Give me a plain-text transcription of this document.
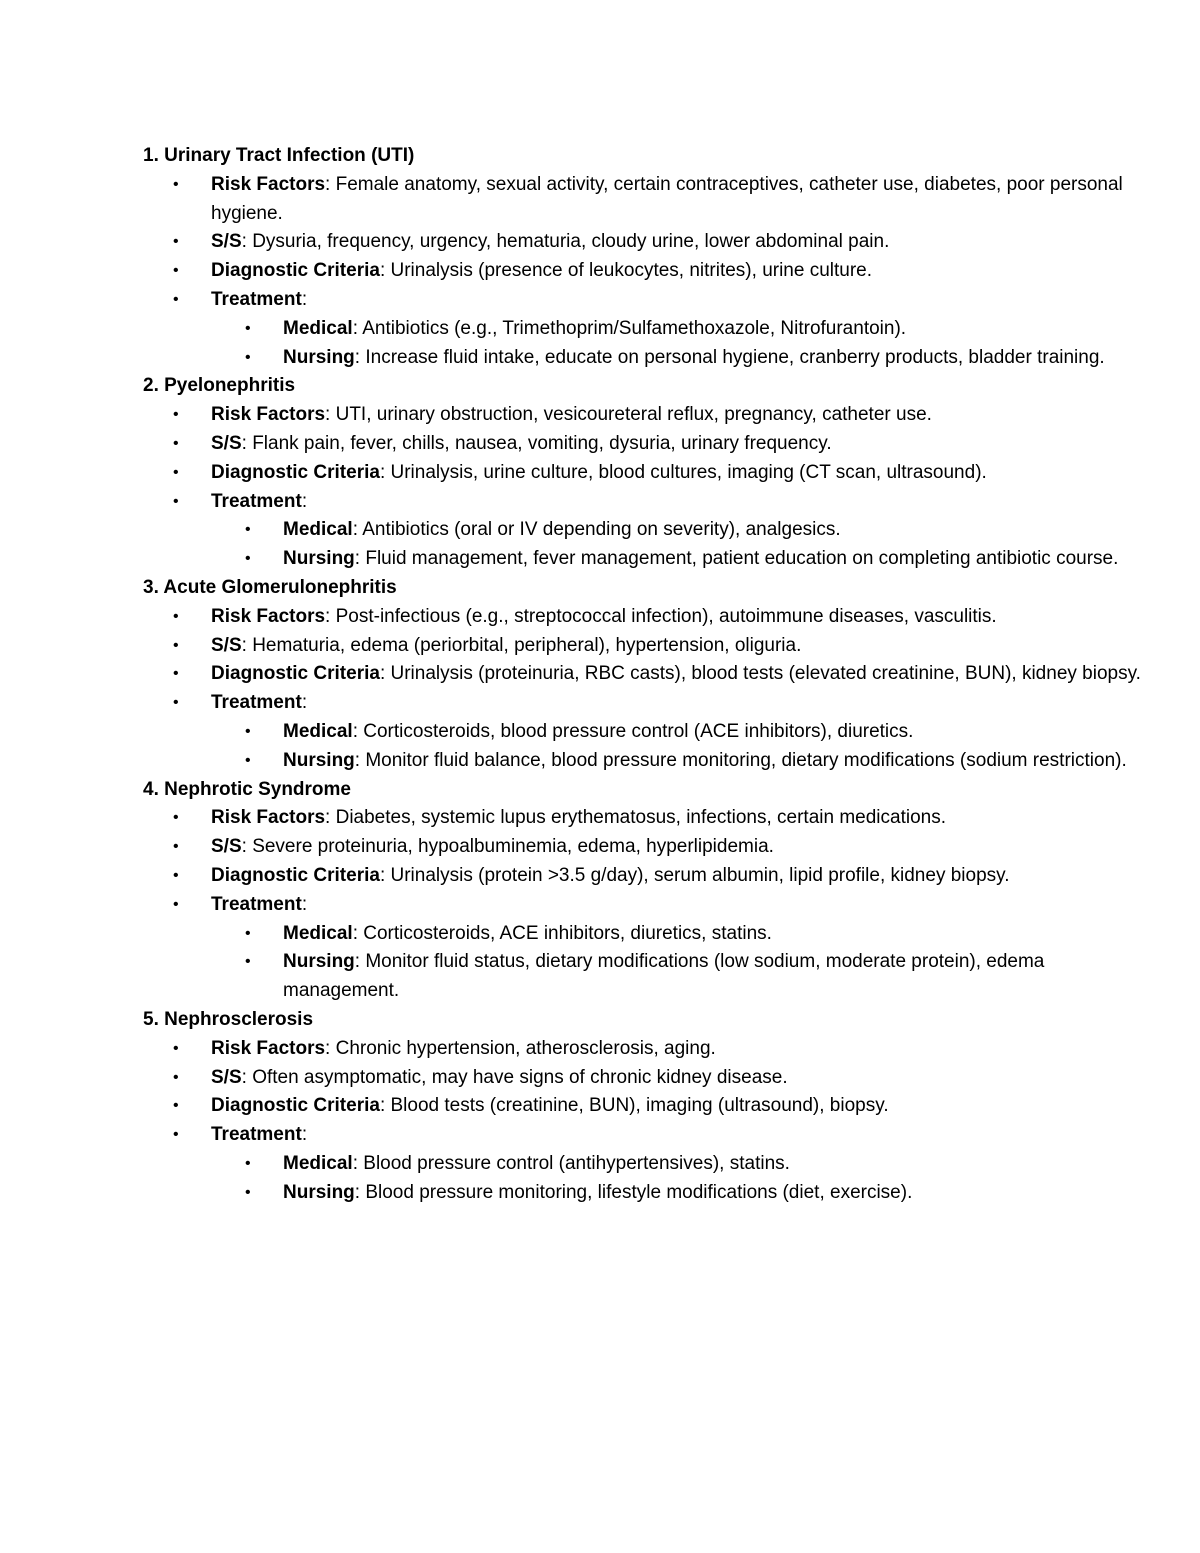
1. Urinary Tract Infection (UTI)
• Risk Factors: Female anatomy, sexual activity, certain contraceptives, catheter use, diabetes, poor personal hygiene.
• S/S: Dysuria, frequency, urgency, hematuria, cloudy urine, lower abdominal pain.
• Diagnostic Criteria: Urinalysis (presence of leukocytes, nitrites), urine culture.
• Treatment:
• Medical: Antibiotics (e.g., Trimethoprim/Sulfamethoxazole, Nitrofurantoin).
• Nursing: Increase fluid intake, educate on personal hygiene, cranberry products, bladder training.
2. Pyelonephritis
• Risk Factors: UTI, urinary obstruction, vesicoureteral reflux, pregnancy, catheter use.
• S/S: Flank pain, fever, chills, nausea, vomiting, dysuria, urinary frequency.
• Diagnostic Criteria: Urinalysis, urine culture, blood cultures, imaging (CT scan, ultrasound).
• Treatment:
• Medical: Antibiotics (oral or IV depending on severity), analgesics.
• Nursing: Fluid management, fever management, patient education on completing antibiotic course.
3. Acute Glomerulonephritis
• Risk Factors: Post-infectious (e.g., streptococcal infection), autoimmune diseases, vasculitis.
• S/S: Hematuria, edema (periorbital, peripheral), hypertension, oliguria.
• Diagnostic Criteria: Urinalysis (proteinuria, RBC casts), blood tests (elevated creatinine, BUN), kidney biopsy.
• Treatment:
• Medical: Corticosteroids, blood pressure control (ACE inhibitors), diuretics.
• Nursing: Monitor fluid balance, blood pressure monitoring, dietary modifications (sodium restriction).
4. Nephrotic Syndrome
• Risk Factors: Diabetes, systemic lupus erythematosus, infections, certain medications.
• S/S: Severe proteinuria, hypoalbuminemia, edema, hyperlipidemia.
• Diagnostic Criteria: Urinalysis (protein >3.5 g/day), serum albumin, lipid profile, kidney biopsy.
• Treatment:
• Medical: Corticosteroids, ACE inhibitors, diuretics, statins.
• Nursing: Monitor fluid status, dietary modifications (low sodium, moderate protein), edema management.
5. Nephrosclerosis
• Risk Factors: Chronic hypertension, atherosclerosis, aging.
• S/S: Often asymptomatic, may have signs of chronic kidney disease.
• Diagnostic Criteria: Blood tests (creatinine, BUN), imaging (ultrasound), biopsy.
• Treatment:
• Medical: Blood pressure control (antihypertensives), statins.
• Nursing: Blood pressure monitoring, lifestyle modifications (diet, exercise).
